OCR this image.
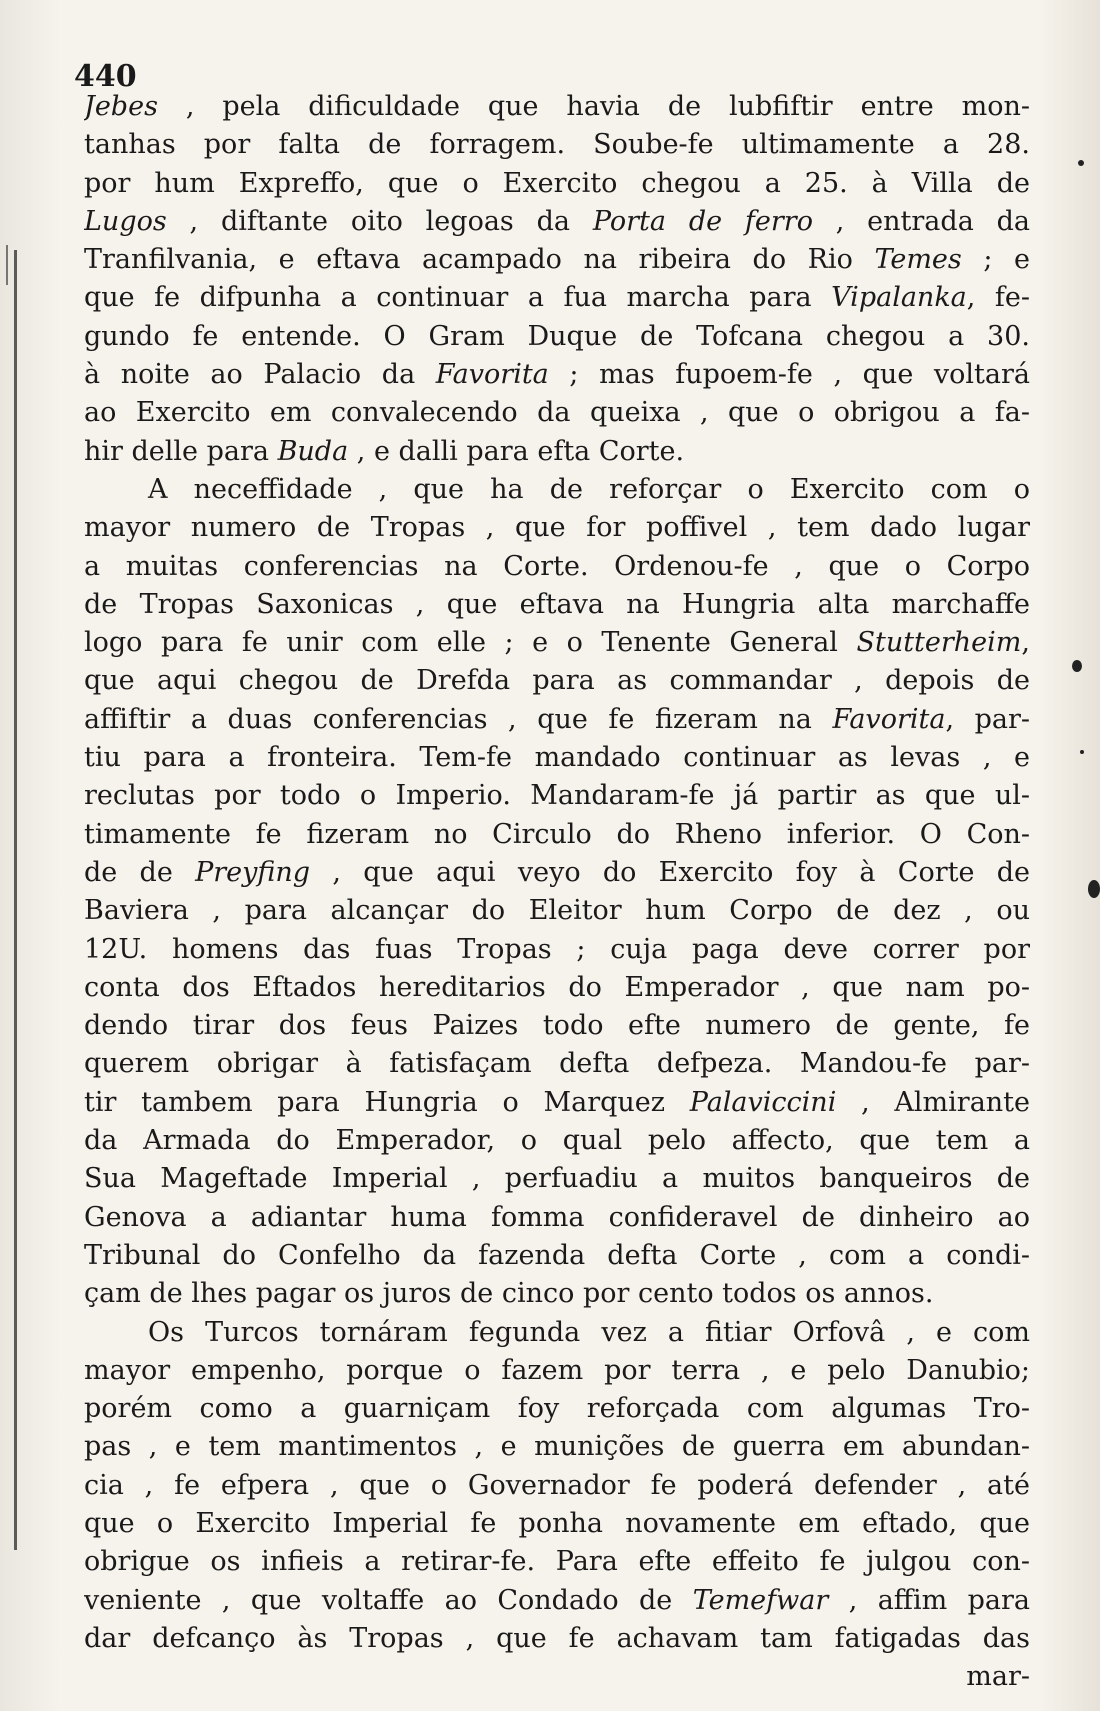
440
Jebes , pela dificuldade que havia de lubfiftir entre mon-
tanhas por falta de forragem. Soube-fe ultimamente a 28.
por hum Expreffo, que o Exercito chegou a 25. à Villa de
Lugos , diftante oito legoas da Porta de ferro , entrada da
Tranfilvania, e eftava acampado na ribeira do Rio Temes ; e
que fe difpunha a continuar a fua marcha para Vipalanka, fe-
gundo fe entende. O Gram Duque de Tofcana chegou a 30.
à noite ao Palacio da Favorita ; mas fupoem-fe , que voltará
ao Exercito em convalecendo da queixa , que o obrigou a fa-
hir delle para Buda , e dalli para efta Corte.
A neceffidade , que ha de reforçar o Exercito com o
mayor numero de Tropas , que for poffivel , tem dado lugar
a muitas conferencias na Corte. Ordenou-fe , que o Corpo
de Tropas Saxonicas , que eftava na Hungria alta marchaffe
logo para fe unir com elle ; e o Tenente General Stutterheim,
que aqui chegou de Drefda para as commandar , depois de
affiftir a duas conferencias , que fe fizeram na Favorita, par-
tiu para a fronteira. Tem-fe mandado continuar as levas , e
reclutas por todo o Imperio. Mandaram-fe já partir as que ul-
timamente fe fizeram no Circulo do Rheno inferior. O Con-
de de Preyfing , que aqui veyo do Exercito foy à Corte de
Baviera , para alcançar do Eleitor hum Corpo de dez , ou
12U. homens das fuas Tropas ; cuja paga deve correr por
conta dos Eftados hereditarios do Emperador , que nam po-
dendo tirar dos feus Paizes todo efte numero de gente, fe
querem obrigar à fatisfaçam defta defpeza. Mandou-fe par-
tir tambem para Hungria o Marquez Palaviccini , Almirante
da Armada do Emperador, o qual pelo affecto, que tem a
Sua Mageftade Imperial , perfuadiu a muitos banqueiros de
Genova a adiantar huma fomma confideravel de dinheiro ao
Tribunal do Confelho da fazenda defta Corte , com a condi-
çam de lhes pagar os juros de cinco por cento todos os annos.
Os Turcos tornáram fegunda vez a fitiar Orfovâ , e com
mayor empenho, porque o fazem por terra , e pelo Danubio;
porém como a guarniçam foy reforçada com algumas Tro-
pas , e tem mantimentos , e munições de guerra em abundan-
cia , fe efpera , que o Governador fe poderá defender , até
que o Exercito Imperial fe ponha novamente em eftado, que
obrigue os infieis a retirar-fe. Para efte effeito fe julgou con-
veniente , que voltaffe ao Condado de Temefwar , affim para
dar defcanço às Tropas , que fe achavam tam fatigadas das
mar-
